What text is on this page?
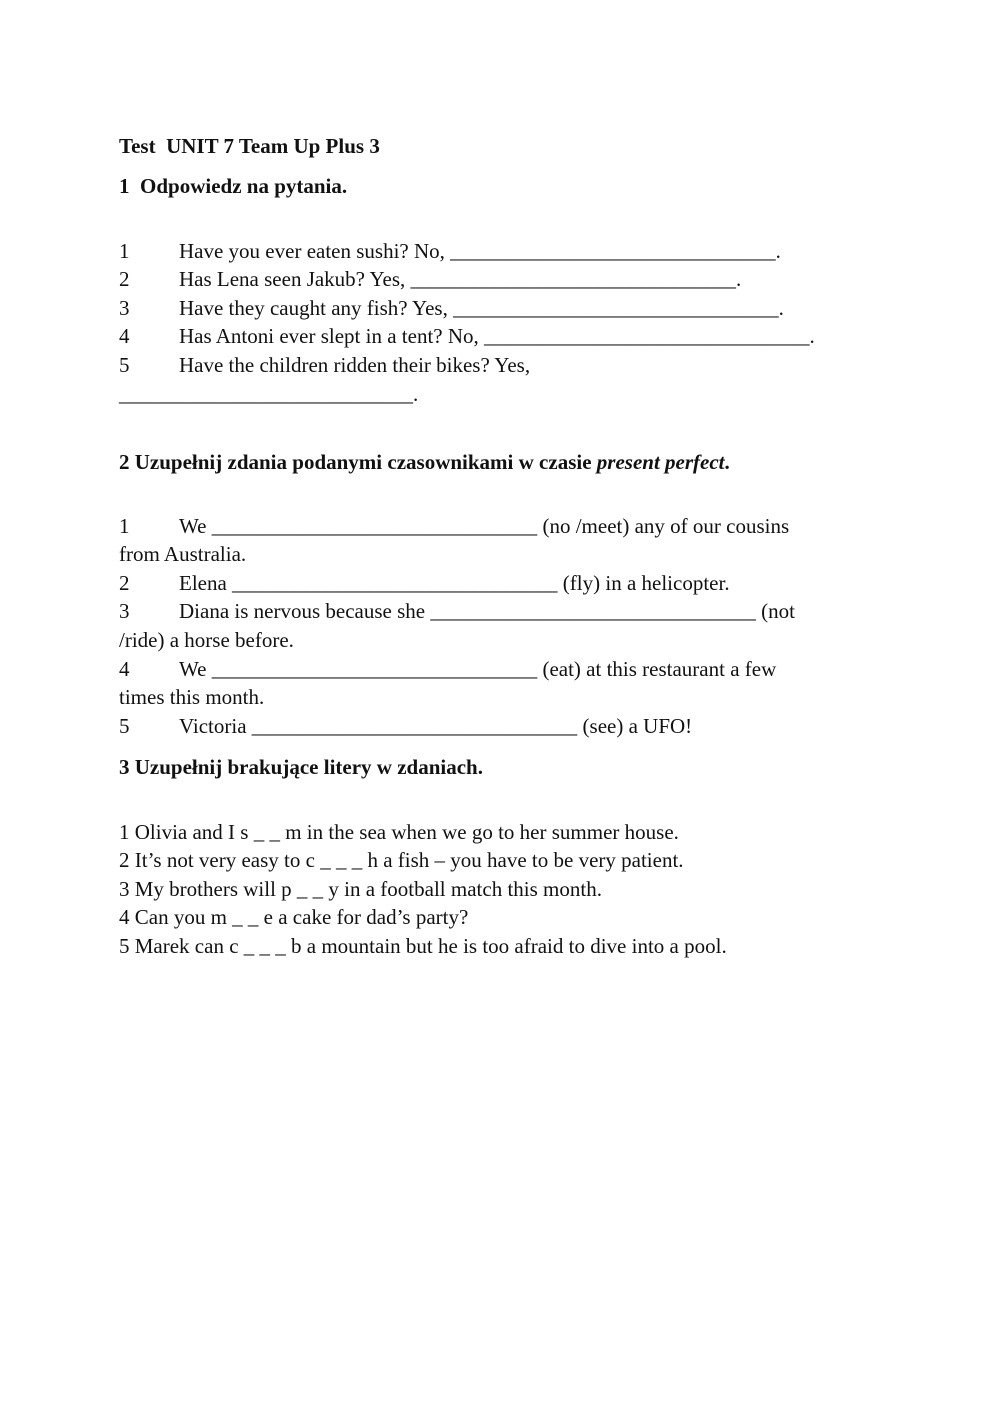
Test  UNIT 7 Team Up Plus 3
1  Odpowiedz na pytania.
1 Have you ever eaten sushi? No, _______________________________.
2 Has Lena seen Jakub? Yes, _______________________________.
3 Have they caught any fish? Yes, _______________________________.
4 Has Antoni ever slept in a tent? No, _______________________________.
5 Have the children ridden their bikes? Yes,
____________________________.
2 Uzupełnij zdania podanymi czasownikami w czasie present perfect.
1 We _______________________________ (no /meet) any of our cousins
from Australia.
2 Elena _______________________________ (fly) in a helicopter.
3 Diana is nervous because she _______________________________ (not
/ride) a horse before.
4 We _______________________________ (eat) at this restaurant a few
times this month.
5 Victoria _______________________________ (see) a UFO!
3 Uzupełnij brakujące litery w zdaniach.
1 Olivia and I s _ _ m in the sea when we go to her summer house.
2 It’s not very easy to c _ _ _ h a fish – you have to be very patient.
3 My brothers will p _ _ y in a football match this month.
4 Can you m _ _ e a cake for dad’s party?
5 Marek can c _ _ _ b a mountain but he is too afraid to dive into a pool.
